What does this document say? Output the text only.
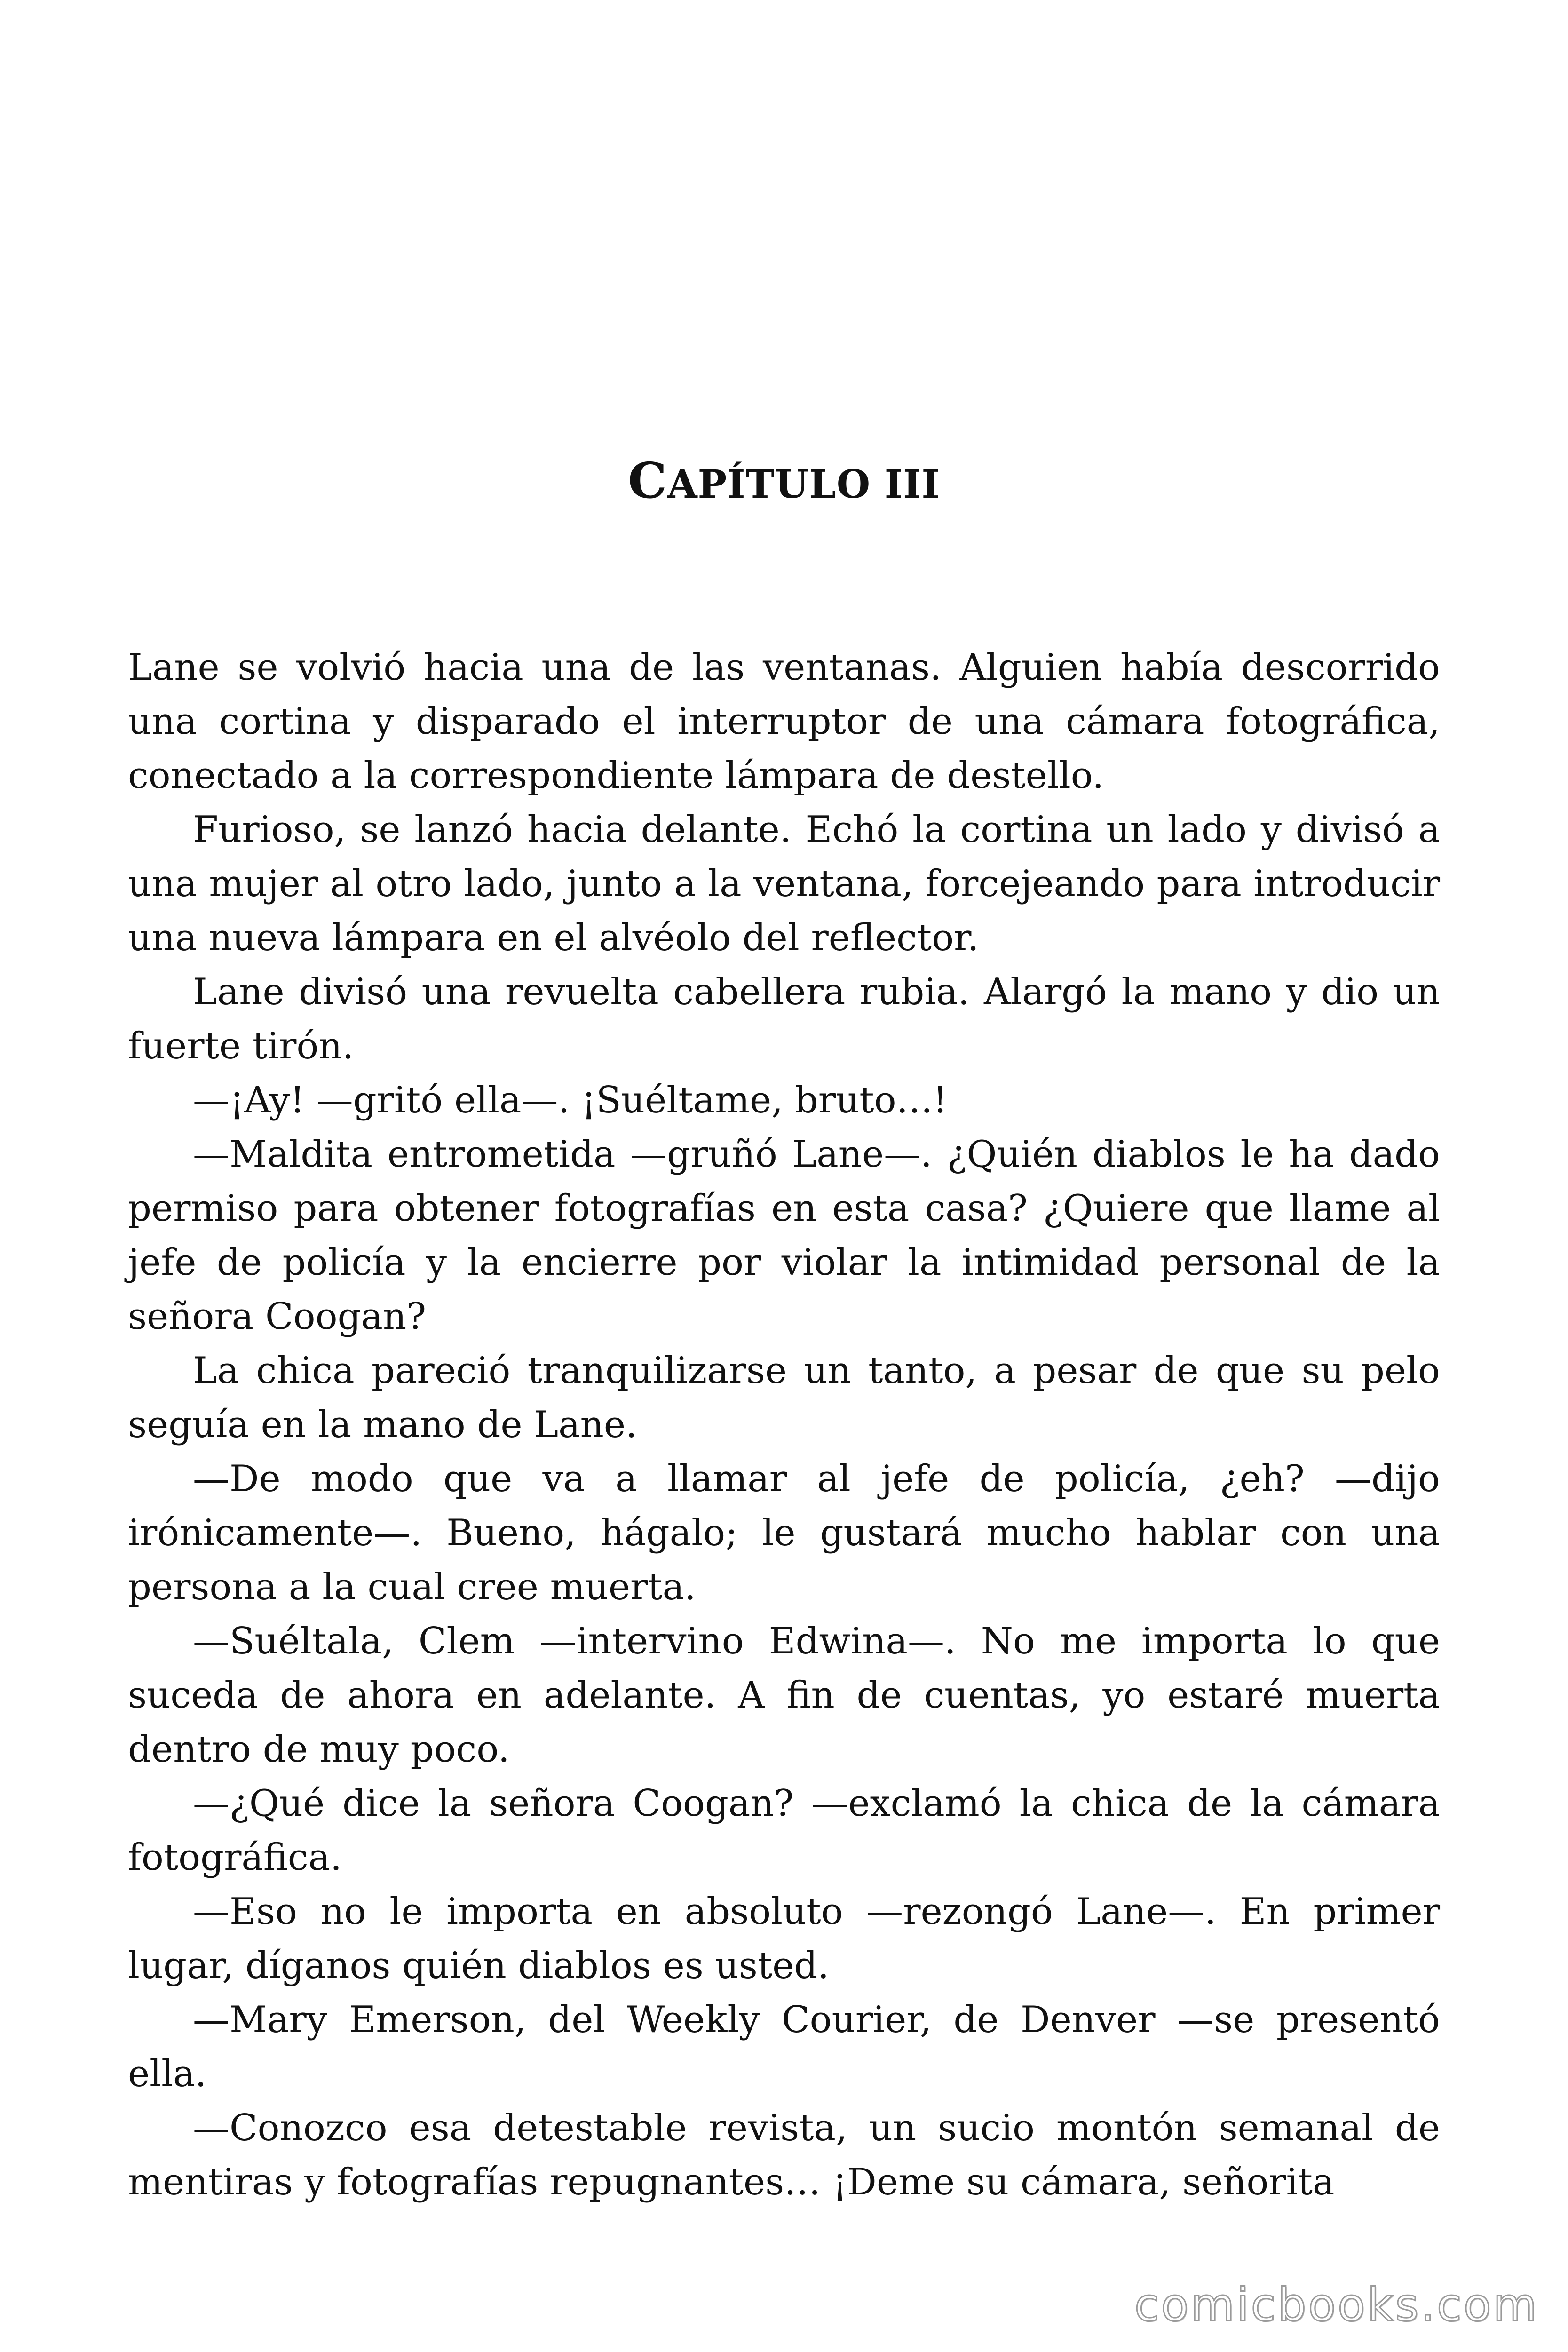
CAPÍTULO III

Lane se volvió hacia una de las ventanas. Alguien había descorrido una cortina y disparado el interruptor de una cámara fotográfica, conectado a la correspondiente lámpara de destello.

Furioso, se lanzó hacia delante. Echó la cortina un lado y divisó a una mujer al otro lado, junto a la ventana, forcejeando para introducir una nueva lámpara en el alvéolo del reflector.

Lane divisó una revuelta cabellera rubia. Alargó la mano y dio un fuerte tirón.

—¡Ay! —gritó ella—. ¡Suéltame, bruto…!

—Maldita entrometida —gruñó Lane—. ¿Quién diablos le ha dado permiso para obtener fotografías en esta casa? ¿Quiere que llame al jefe de policía y la encierre por violar la intimidad personal de la señora Coogan?

La chica pareció tranquilizarse un tanto, a pesar de que su pelo seguía en la mano de Lane.

—De modo que va a llamar al jefe de policía, ¿eh? —dijo irónicamente—. Bueno, hágalo; le gustará mucho hablar con una persona a la cual cree muerta.

—Suéltala, Clem —intervino Edwina—. No me importa lo que suceda de ahora en adelante. A fin de cuentas, yo estaré muerta dentro de muy poco.

—¿Qué dice la señora Coogan? —exclamó la chica de la cámara fotográfica.

—Eso no le importa en absoluto —rezongó Lane—. En primer lugar, díganos quién diablos es usted.

—Mary Emerson, del Weekly Courier, de Denver —se presentó ella.

—Conozco esa detestable revista, un sucio montón semanal de mentiras y fotografías repugnantes… ¡Deme su cámara, señorita

comicbooks.com
